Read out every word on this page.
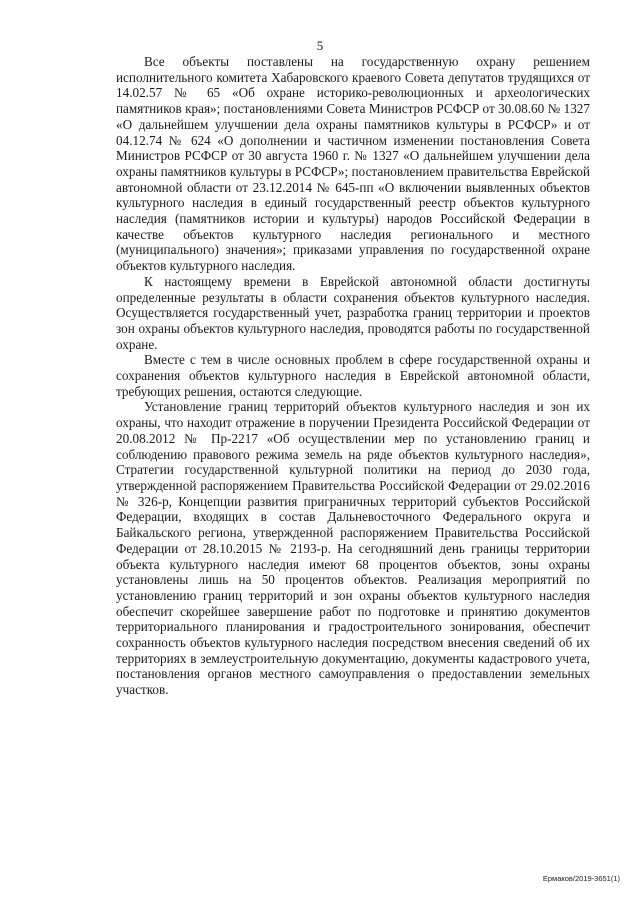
5

Все объекты поставлены на государственную охрану решением исполнительного комитета Хабаровского краевого Совета депутатов трудящихся от 14.02.57 № 65 «Об охране историко-революционных и археологических памятников края»; постановлениями Совета Министров РСФСР от 30.08.60 № 1327 «О дальнейшем улучшении дела охраны памятников культуры в РСФСР» и от 04.12.74 № 624 «О дополнении и частичном изменении постановления Совета Министров РСФСР от 30 августа 1960 г. № 1327 «О дальнейшем улучшении дела охраны памятников культуры в РСФСР»; постановлением правительства Еврейской автономной области от 23.12.2014 № 645-пп «О включении выявленных объектов культурного наследия в единый государственный реестр объектов культурного наследия (памятников истории и культуры) народов Российской Федерации в качестве объектов культурного наследия регионального и местного (муниципального) значения»; приказами управления по государственной охране объектов культурного наследия.

К настоящему времени в Еврейской автономной области достигнуты определенные результаты в области сохранения объектов культурного наследия. Осуществляется государственный учет, разработка границ территории и проектов зон охраны объектов культурного наследия, проводятся работы по государственной охране.

Вместе с тем в числе основных проблем в сфере государственной охраны и сохранения объектов культурного наследия в Еврейской автономной области, требующих решения, остаются следующие.

Установление границ территорий объектов культурного наследия и зон их охраны, что находит отражение в поручении Президента Российской Федерации от 20.08.2012 № Пр-2217 «Об осуществлении мер по установлению границ и соблюдению правового режима земель на ряде объектов культурного наследия», Стратегии государственной культурной политики на период до 2030 года, утвержденной распоряжением Правительства Российской Федерации от 29.02.2016 № 326-р, Концепции развития приграничных территорий субъектов Российской Федерации, входящих в состав Дальневосточного Федерального округа и Байкальского региона, утвержденной распоряжением Правительства Российской Федерации от 28.10.2015 № 2193-р. На сегодняшний день границы территории объекта культурного наследия имеют 68 процентов объектов, зоны охраны установлены лишь на 50 процентов объектов. Реализация мероприятий по установлению границ территорий и зон охраны объектов культурного наследия обеспечит скорейшее завершение работ по подготовке и принятию документов территориального планирования и градостроительного зонирования, обеспечит сохранность объектов культурного наследия посредством внесения сведений об их территориях в землеустроительную документацию, документы кадастрового учета, постановления органов местного самоуправления о предоставлении земельных участков.

Ермаков/2019-3651(1)
